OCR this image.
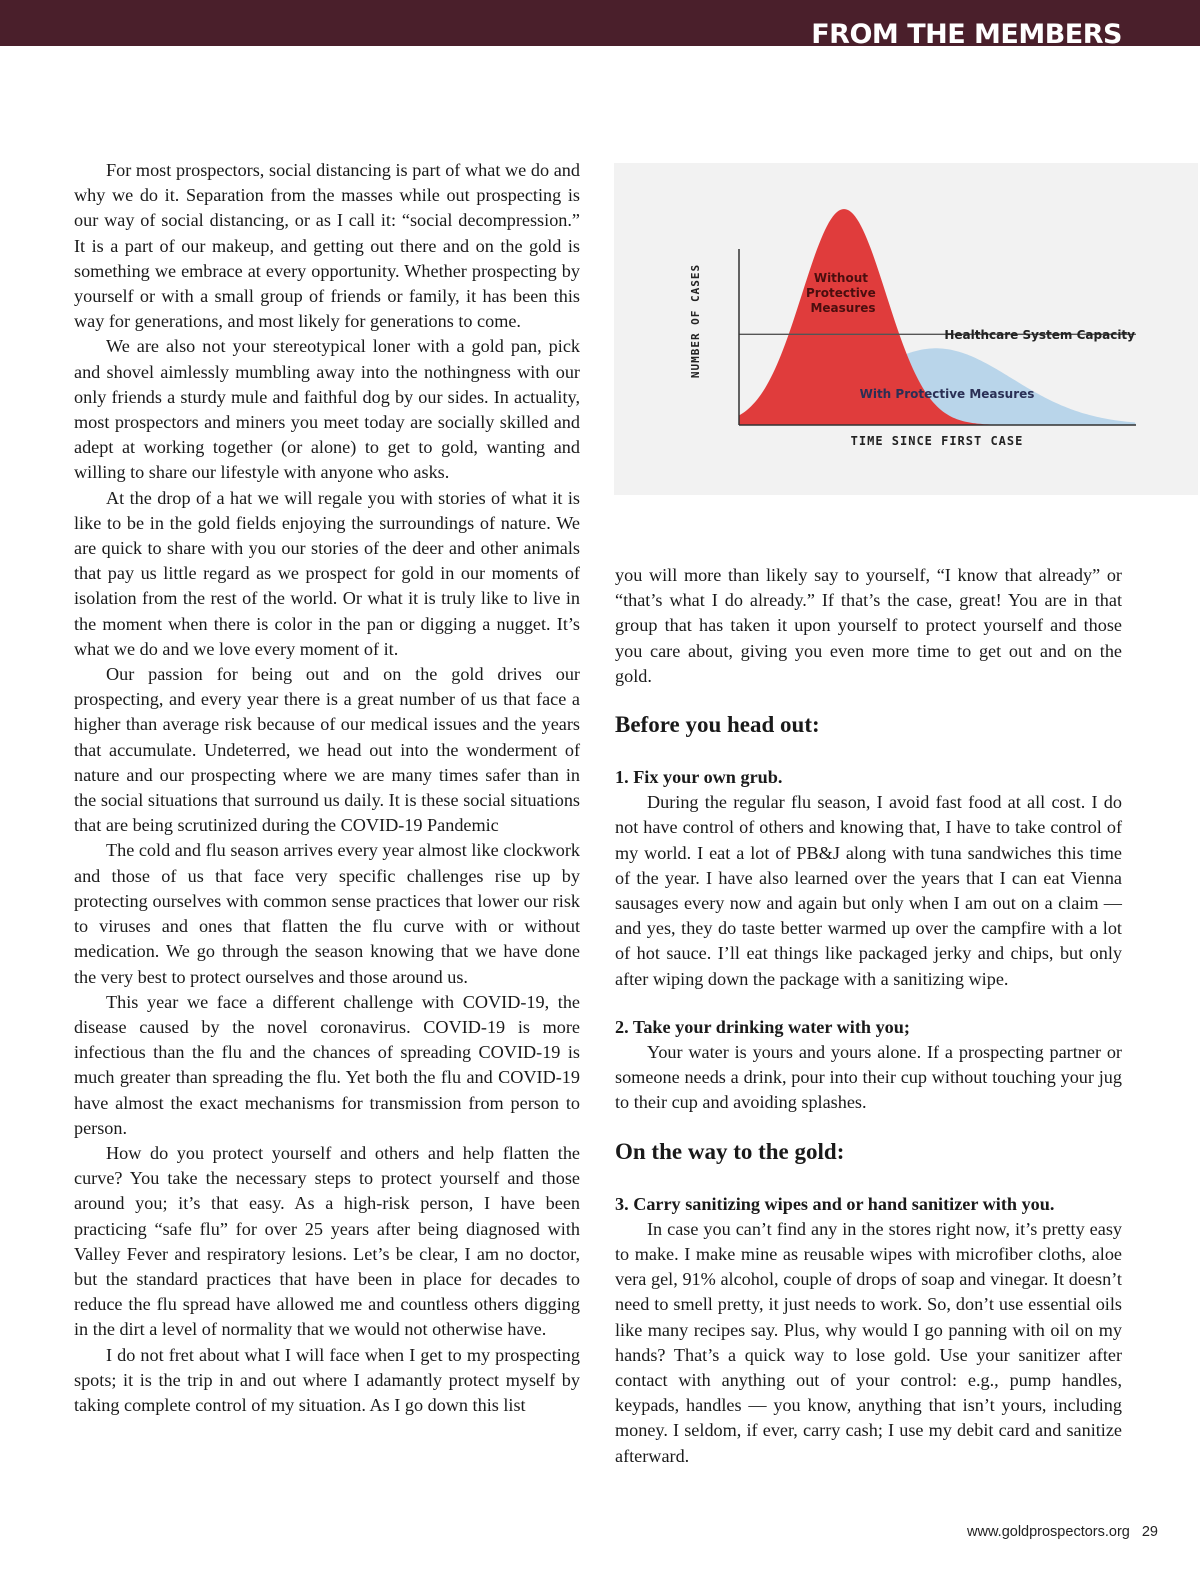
FROM THE MEMBERS

For most prospectors, social distancing is part of what we do and why we do it. Separation from the masses while out prospecting is our way of social distancing, or as I call it: “social decompression.” It is a part of our makeup, and getting out there and on the gold is something we embrace at every opportunity. Whether prospecting by yourself or with a small group of friends or family, it has been this way for generations, and most likely for generations to come.

We are also not your stereotypical loner with a gold pan, pick and shovel aimlessly mumbling away into the nothingness with our only friends a sturdy mule and faithful dog by our sides. In actuality, most prospectors and miners you meet today are socially skilled and adept at working together (or alone) to get to gold, wanting and willing to share our lifestyle with anyone who asks.

At the drop of a hat we will regale you with stories of what it is like to be in the gold fields enjoying the surroundings of nature. We are quick to share with you our stories of the deer and other animals that pay us little regard as we prospect for gold in our moments of isolation from the rest of the world. Or what it is truly like to live in the moment when there is color in the pan or digging a nugget. It’s what we do and we love every moment of it.

Our passion for being out and on the gold drives our prospecting, and every year there is a great number of us that face a higher than average risk because of our medical issues and the years that accumulate. Undeterred, we head out into the wonderment of nature and our prospecting where we are many times safer than in the social situations that surround us daily. It is these social situations that are being scrutinized during the COVID-19 Pandemic

The cold and flu season arrives every year almost like clockwork and those of us that face very specific challenges rise up by protecting ourselves with common sense practices that lower our risk to viruses and ones that flatten the flu curve with or without medication. We go through the season knowing that we have done the very best to protect ourselves and those around us.

This year we face a different challenge with COVID-19, the disease caused by the novel coronavirus. COVID-19 is more infectious than the flu and the chances of spreading COVID-19 is much greater than spreading the flu. Yet both the flu and COVID-19 have almost the exact mechanisms for transmission from person to person.

How do you protect yourself and others and help flatten the curve? You take the necessary steps to protect yourself and those around you; it’s that easy. As a high-risk person, I have been practicing “safe flu” for over 25 years after being diagnosed with Valley Fever and respiratory lesions. Let’s be clear, I am no doctor, but the standard practices that have been in place for decades to reduce the flu spread have allowed me and countless others digging in the dirt a level of normality that we would not otherwise have.

I do not fret about what I will face when I get to my prospecting spots; it is the trip in and out where I adamantly protect myself by taking complete control of my situation. As I go down this list

Without Protective Measures
With Protective Measures
Healthcare System Capacity
TIME SINCE FIRST CASE
NUMBER OF CASES

you will more than likely say to yourself, “I know that already” or “that’s what I do already.” If that’s the case, great! You are in that group that has taken it upon yourself to protect yourself and those you care about, giving you even more time to get out and on the gold.

Before you head out:
1. Fix your own grub.

During the regular flu season, I avoid fast food at all cost. I do not have control of others and knowing that, I have to take control of my world. I eat a lot of PB&J along with tuna sandwiches this time of the year. I have also learned over the years that I can eat Vienna sausages every now and again but only when I am out on a claim — and yes, they do taste better warmed up over the campfire with a lot of hot sauce. I’ll eat things like packaged jerky and chips, but only after wiping down the package with a sanitizing wipe.

2. Take your drinking water with you;

Your water is yours and yours alone. If a prospecting partner or someone needs a drink, pour into their cup without touching your jug to their cup and avoiding splashes.

On the way to the gold:
3. Carry sanitizing wipes and or hand sanitizer with you.

In case you can’t find any in the stores right now, it’s pretty easy to make. I make mine as reusable wipes with microfiber cloths, aloe vera gel, 91% alcohol, couple of drops of soap and vinegar. It doesn’t need to smell pretty, it just needs to work. So, don’t use essential oils like many recipes say. Plus, why would I go panning with oil on my hands? That’s a quick way to lose gold. Use your sanitizer after contact with anything out of your control: e.g., pump handles, keypads, handles — you know, anything that isn’t yours, including money. I seldom, if ever, carry cash; I use my debit card and sanitize afterward.

www.goldprospectors.org 29
